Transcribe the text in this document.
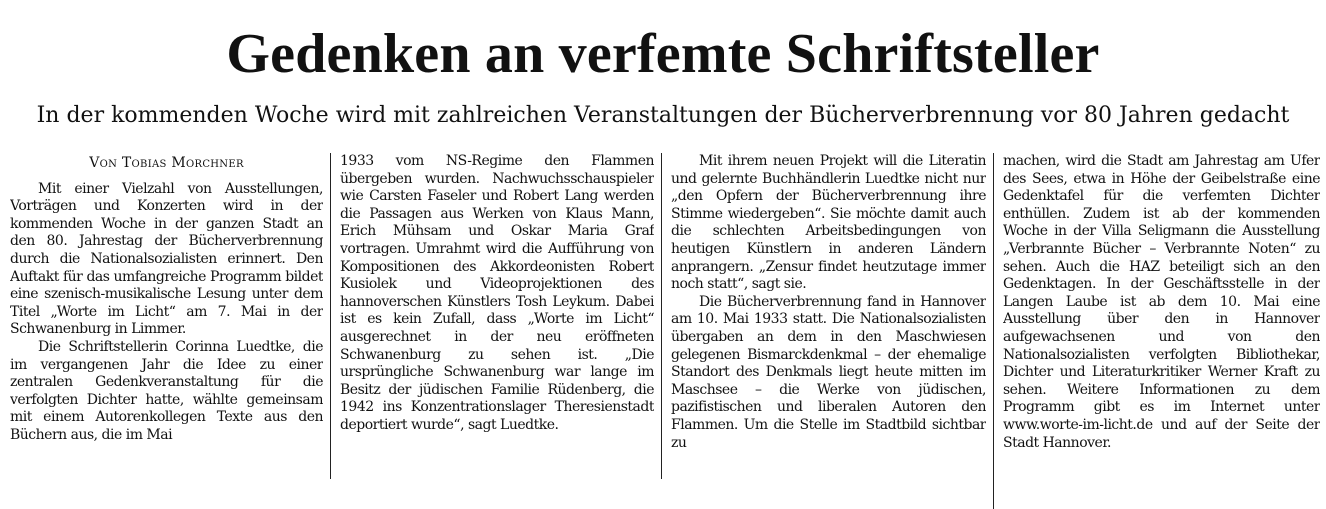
Gedenken an verfemte Schriftsteller
In der kommenden Woche wird mit zahlreichen Veranstaltungen der Bücherverbrennung vor 80 Jahren gedacht
Von Tobias Morchner

Mit einer Vielzahl von Ausstellungen, Vorträgen und Konzerten wird in der kommenden Woche in der ganzen Stadt an den 80. Jahrestag der Bücherverbrennung durch die Nationalsozialisten erinnert. Den Auftakt für das umfangreiche Programm bildet eine szenisch-musikalische Lesung unter dem Titel „Worte im Licht“ am 7. Mai in der Schwanenburg in Limmer.

Die Schriftstellerin Corinna Luedtke, die im vergangenen Jahr die Idee zu einer zentralen Gedenkveranstaltung für die verfolgten Dichter hatte, wählte gemeinsam mit einem Autorenkollegen Texte aus den Büchern aus, die im Mai

1933 vom NS-Regime den Flammen übergeben wurden. Nachwuchsschauspieler wie Carsten Faseler und Robert Lang werden die Passagen aus Werken von Klaus Mann, Erich Mühsam und Oskar Maria Graf vortragen. Umrahmt wird die Aufführung von Kompositionen des Akkordeonisten Robert Kusiolek und Videoprojektionen des hannoverschen Künstlers Tosh Leykum. Dabei ist es kein Zufall, dass „Worte im Licht“ ausgerechnet in der neu eröffneten Schwanenburg zu sehen ist. „Die ursprüngliche Schwanenburg war lange im Besitz der jüdischen Familie Rüdenberg, die 1942 ins Konzentrationslager Theresienstadt deportiert wurde“, sagt Luedtke.

Mit ihrem neuen Projekt will die Literatin und gelernte Buchhändlerin Luedtke nicht nur „den Opfern der Bücherverbrennung ihre Stimme wiedergeben“. Sie möchte damit auch die schlechten Arbeitsbedingungen von heutigen Künstlern in anderen Ländern anprangern. „Zensur findet heutzutage immer noch statt“, sagt sie.

Die Bücherverbrennung fand in Hannover am 10. Mai 1933 statt. Die Nationalsozialisten übergaben an dem in den Maschwiesen gelegenen Bismarckdenkmal – der ehemalige Standort des Denkmals liegt heute mitten im Maschsee – die Werke von jüdischen, pazifistischen und liberalen Autoren den Flammen. Um die Stelle im Stadtbild sichtbar zu

machen, wird die Stadt am Jahrestag am Ufer des Sees, etwa in Höhe der Geibelstraße eine Gedenktafel für die verfemten Dichter enthüllen. Zudem ist ab der kommenden Woche in der Villa Seligmann die Ausstellung „Verbrannte Bücher – Verbrannte Noten“ zu sehen. Auch die HAZ beteiligt sich an den Gedenktagen. In der Geschäftsstelle in der Langen Laube ist ab dem 10. Mai eine Ausstellung über den in Hannover aufgewachsenen und von den Nationalsozialisten verfolgten Bibliothekar, Dichter und Literaturkritiker Werner Kraft zu sehen. Weitere Informationen zu dem Programm gibt es im Internet unter www.worte-im-licht.de und auf der Seite der Stadt Hannover.
